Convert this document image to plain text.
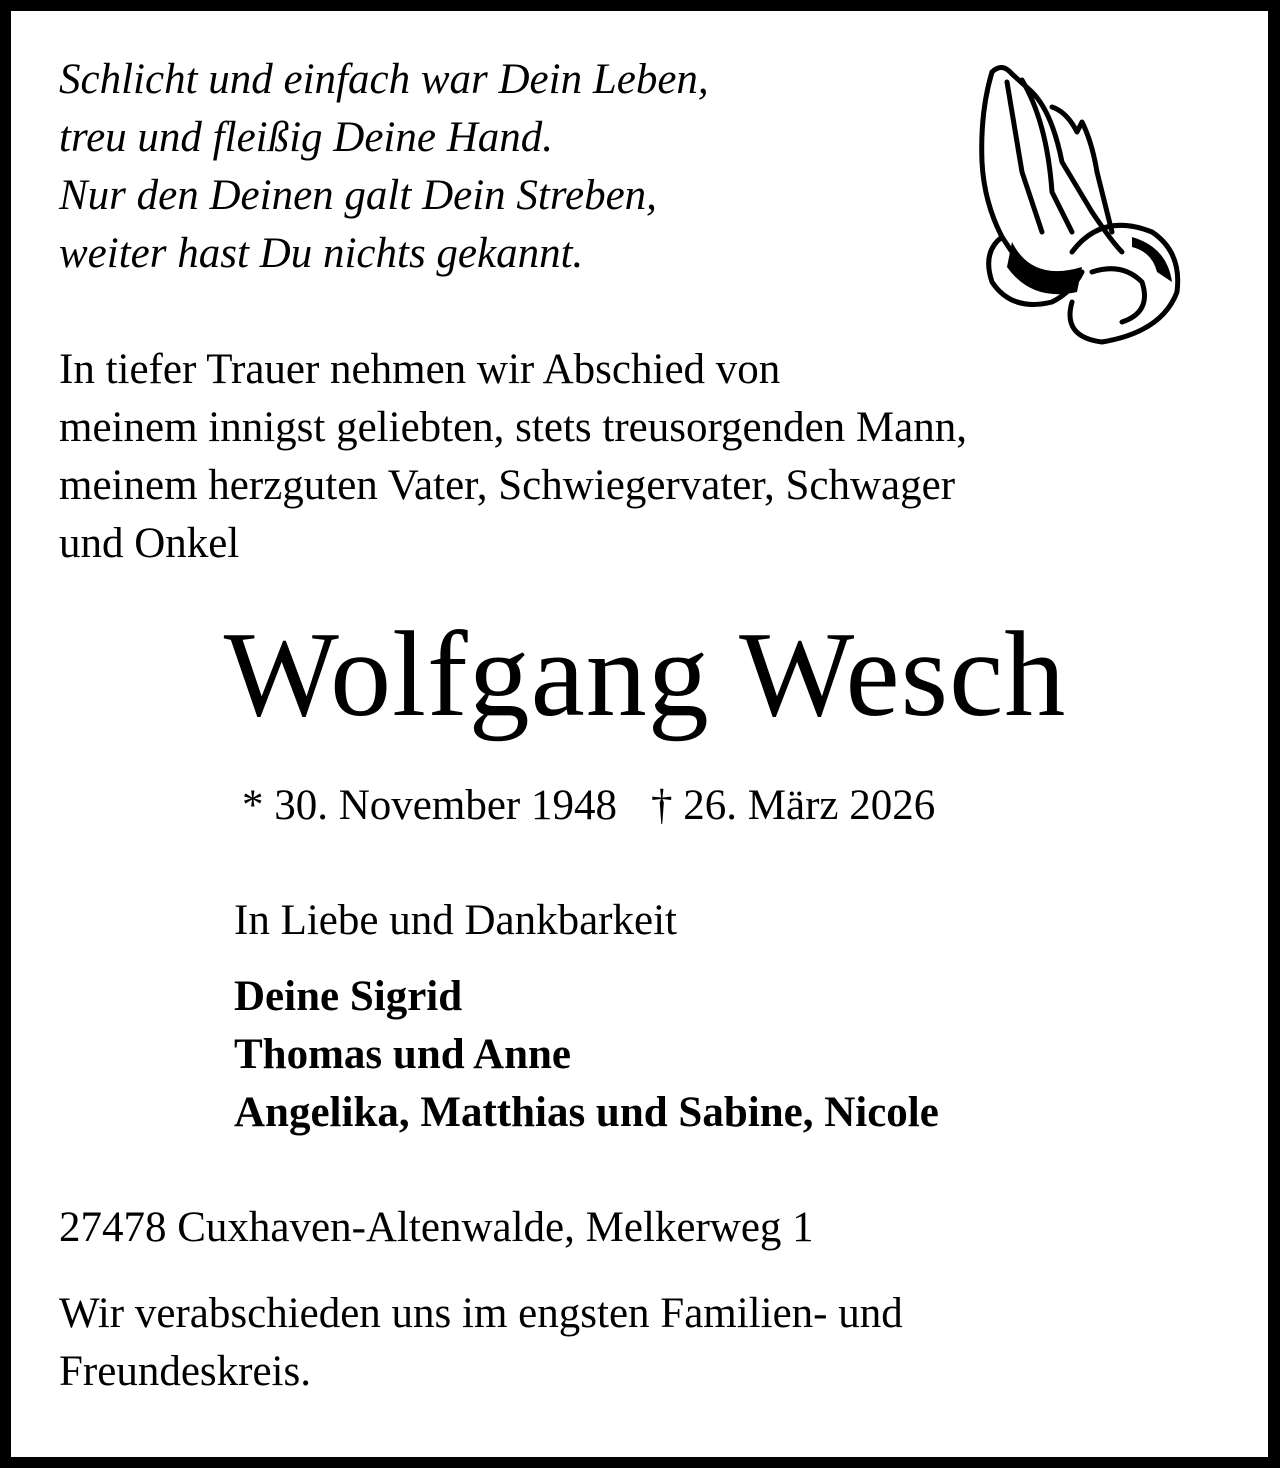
Schlicht und einfach war Dein Leben,
treu und fleißig Deine Hand.
Nur den Deinen galt Dein Streben,
weiter hast Du nichts gekannt.
In tiefer Trauer nehmen wir Abschied von
meinem innigst geliebten, stets treusorgenden Mann,
meinem herzguten Vater, Schwiegervater, Schwager
und Onkel
Wolfgang Wesch
* 30. November 1948 † 26. März 2026
In Liebe und Dankbarkeit
Deine Sigrid
Thomas und Anne
Angelika, Matthias und Sabine, Nicole
27478 Cuxhaven-Altenwalde, Melkerweg 1
Wir verabschieden uns im engsten Familien- und
Freundeskreis.
